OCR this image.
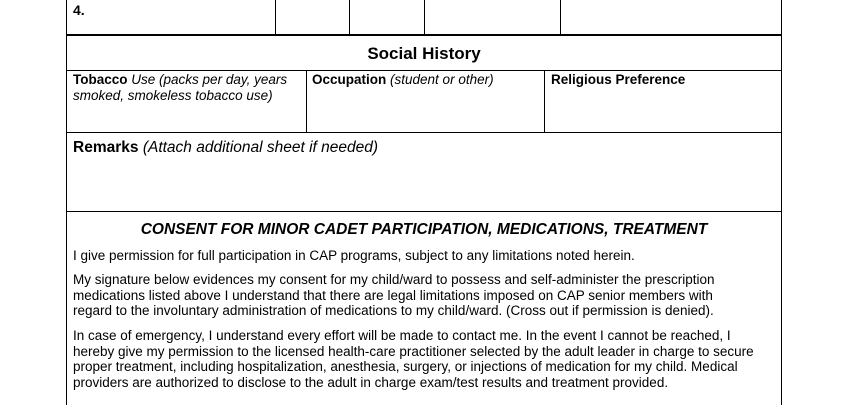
4.
Social History
Tobacco Use (packs per day, years
smoked, smokeless tobacco use)
Occupation (student or other)	Religious Preference
Remarks (Attach additional sheet if needed)
CONSENT FOR MINOR CADET PARTICIPATION, MEDICATIONS, TREATMENT
I give permission for full participation in CAP programs, subject to any limitations noted herein.
My signature below evidences my consent for my child/ward to possess and self-administer the prescription
medications listed above I understand that there are legal limitations imposed on CAP senior members with
regard to the involuntary administration of medications to my child/ward. (Cross out if permission is denied).
In case of emergency, I understand every effort will be made to contact me. In the event I cannot be reached, I
hereby give my permission to the licensed health-care practitioner selected by the adult leader in charge to secure
proper treatment, including hospitalization, anesthesia, surgery, or injections of medication for my child. Medical
providers are authorized to disclose to the adult in charge exam/test results and treatment provided.
